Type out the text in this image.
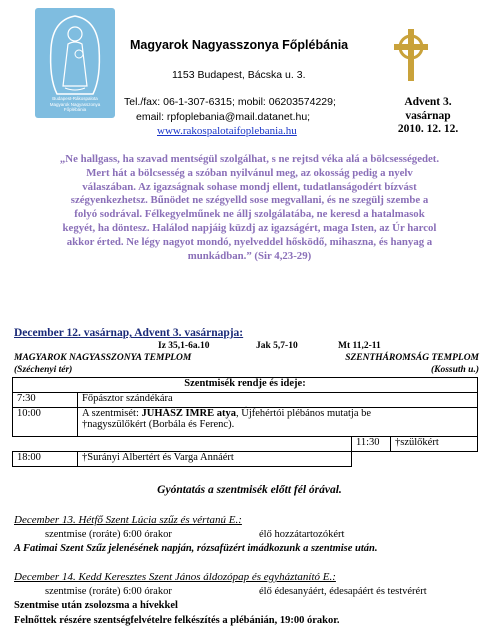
Budapest-Rákospalota
Magyarok Nagyasszonya
Főplébánia
Magyarok Nagyasszonya Főplébánia
1153 Budapest, Bácska u. 3.
Tel./fax: 06-1-307-6315; mobil: 06203574229;
email: rpfoplebania@mail.datanet.hu;
www.rakospalotaifoplebania.hu
Advent 3.
vasárnap
2010. 12. 12.
„Ne hallgass, ha szavad mentségül szolgálhat, s ne rejtsd véka alá a bölcsességedet.
Mert hát a bölcsesség a szóban nyilvánul meg, az okosság pedig a nyelv
válaszában. Az igazságnak sohase mondj ellent, tudatlanságodért bízvást
szégyenkezhetsz. Bűnödet ne szégyelld sose megvallani, és ne szegülj szembe a
folyó sodrával. Félkegyelműnek ne állj szolgálatába, ne keresd a hatalmasok
kegyét, ha döntesz. Halálod napjáig küzdj az igazságért, maga Isten, az Úr harcol
akkor érted. Ne légy nagyot mondó, nyelveddel hősködő, mihaszna, és hanyag a
munkádban.” (Sir 4,23-29)
December 12. vasárnap, Advent 3. vasárnapja:
Iz 35,1-6a.10	Jak 5,7-10	Mt 11,2-11
MAGYAROK NAGYASSZONYA TEMPLOM
(Széchenyi tér)
SZENTHÁROMSÁG TEMPLOM
(Kossuth u.)
Szentmisék rendje és ideje:			
7:30	Főpásztor szándékára		
10:00	A szentmisét: JUHÁSZ IMRE atya, Újfehértói plébános mutatja be
†nagyszülőkért (Borbála és Ferenc).		
		11:30	†szülőkért
18:00	†Surányi Albertért és Varga Annáért		
Gyóntatás a szentmisék előtt fél órával.
December 13. Hétfő Szent Lúcia szűz és vértanú E.:
szentmise (roráte) 6:00 órakor	élő hozzátartozókért
A Fatimai Szent Szűz jelenésének napján, rózsafüzért imádkozunk a szentmise után.
December 14. Kedd Keresztes Szent János áldozópap és egyháztanító E.:
szentmise (roráte) 6:00 órakor	élő édesanyáért, édesapáért és testvérért
Szentmise után zsolozsma a hívekkel
Felnőttek részére szentségfelvételre felkészítés a plébánián, 19:00 órakor.
